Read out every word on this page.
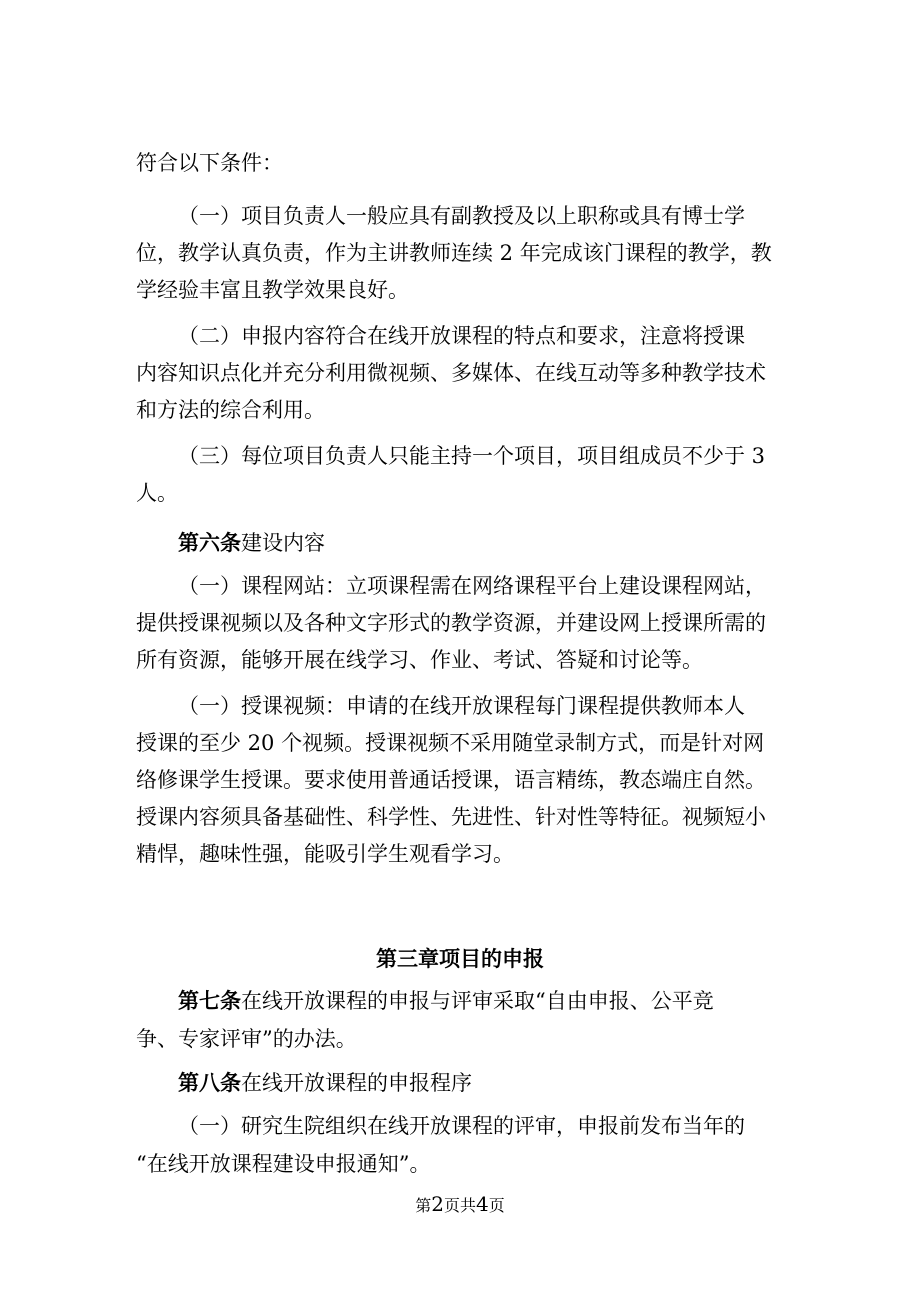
符合以下条件：

（一）项目负责人一般应具有副教授及以上职称或具有博士学

位，教学认真负责，作为主讲教师连续 2 年完成该门课程的教学，教

学经验丰富且教学效果良好。

（二）申报内容符合在线开放课程的特点和要求，注意将授课

内容知识点化并充分利用微视频、多媒体、在线互动等多种教学技术

和方法的综合利用。

（三）每位项目负责人只能主持一个项目，项目组成员不少于 3

人。

第六条建设内容

（一）课程网站：立项课程需在网络课程平台上建设课程网站，

提供授课视频以及各种文字形式的教学资源，并建设网上授课所需的

所有资源，能够开展在线学习、作业、考试、答疑和讨论等。

（一）授课视频：申请的在线开放课程每门课程提供教师本人

授课的至少 20 个视频。授课视频不采用随堂录制方式，而是针对网

络修课学生授课。要求使用普通话授课，语言精练，教态端庄自然。

授课内容须具备基础性、科学性、先进性、针对性等特征。视频短小

精悍，趣味性强，能吸引学生观看学习。

第三章项目的申报

第七条在线开放课程的申报与评审采取“自由申报、公平竞

争、专家评审”的办法。

第八条在线开放课程的申报程序

（一）研究生院组织在线开放课程的评审，申报前发布当年的

“在线开放课程建设申报通知”。

第2页共4页
